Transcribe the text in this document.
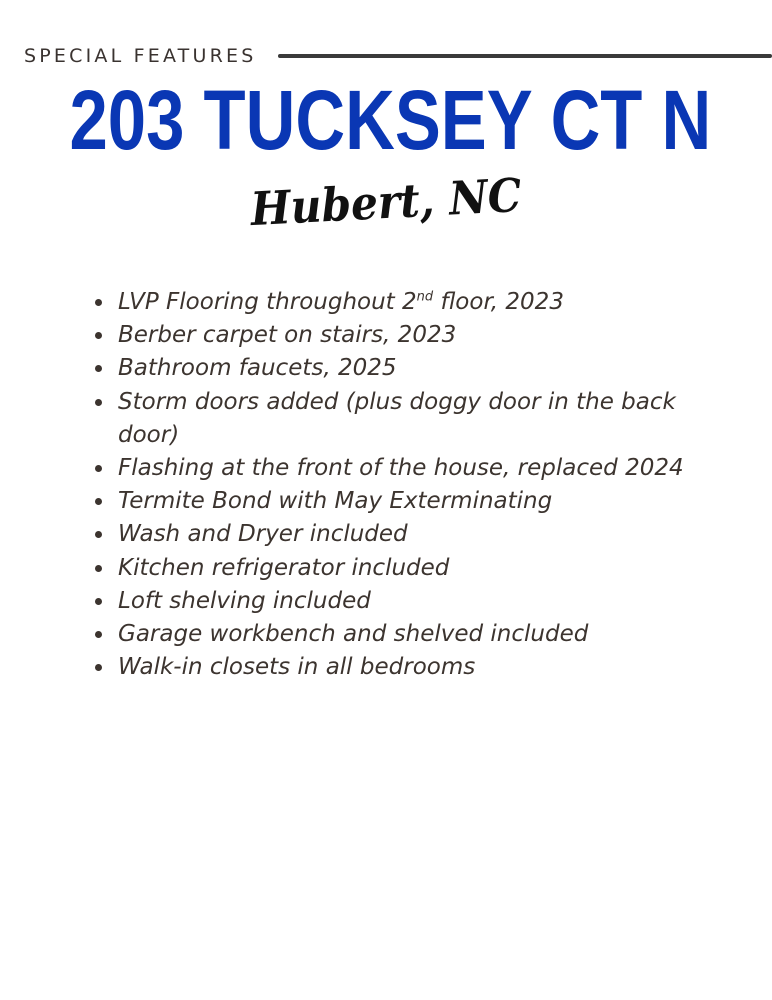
SPECIAL FEATURES
203 TUCKSEY CT N
Hubert, NC
LVP Flooring throughout 2nd floor, 2023
Berber carpet on stairs, 2023
Bathroom faucets, 2025
Storm doors added (plus doggy door in the back door)
Flashing at the front of the house, replaced 2024
Termite Bond with May Exterminating
Wash and Dryer included
Kitchen refrigerator included
Loft shelving included
Garage workbench and shelved included
Walk-in closets in all bedrooms
